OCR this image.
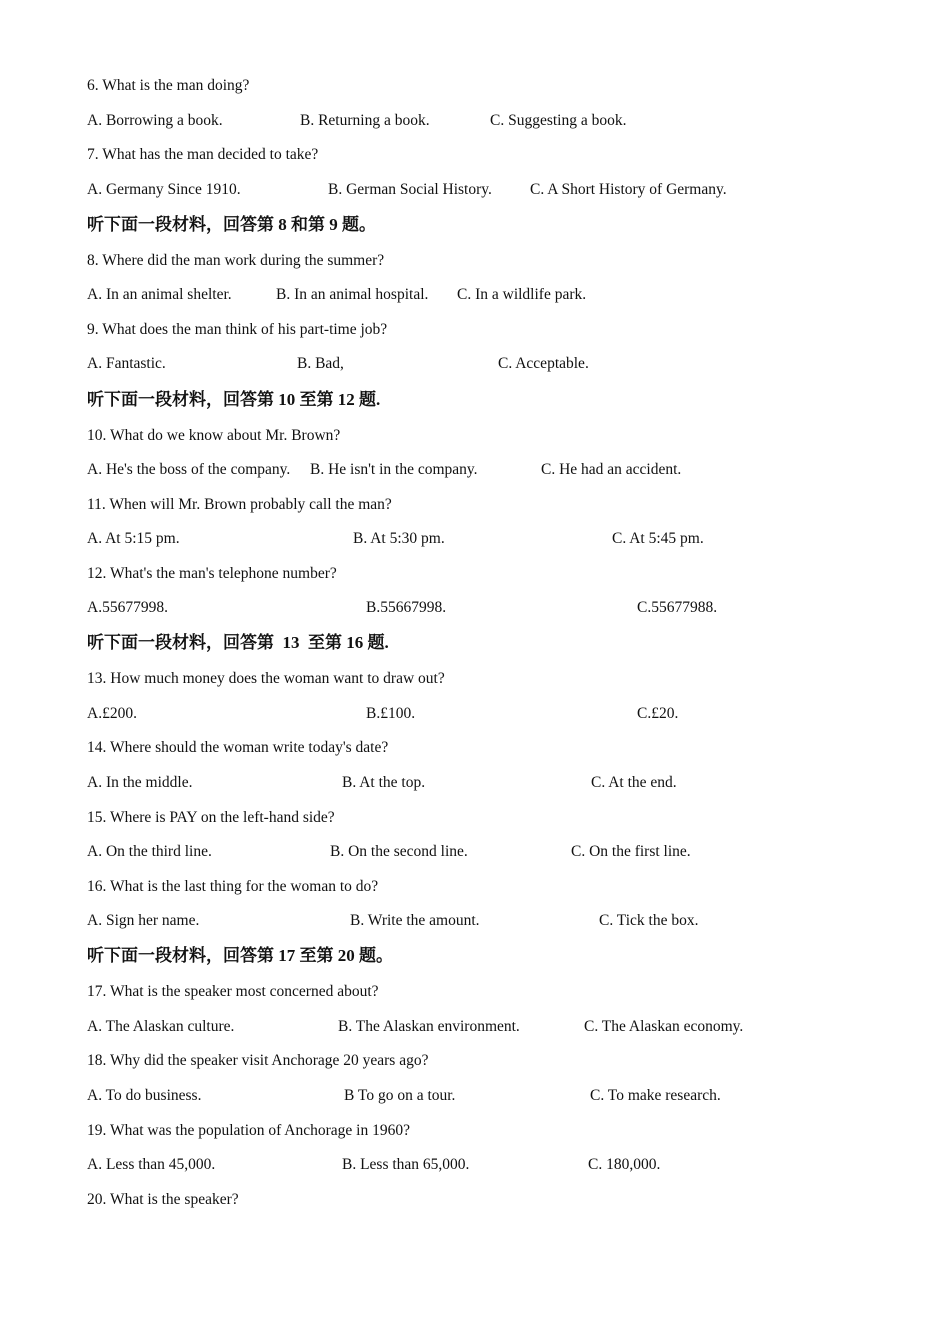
6. What is the man doing?
A. Borrowing a book.	B. Returning a book.	C. Suggesting a book.
7. What has the man decided to take?
A. Germany Since 1910.	B. German Social History. C. A Short History of Germany.
听下面一段材料，回答第 8 和第 9 题。
8. Where did the man work during the summer?
A. In an animal shelter.	B. In an animal hospital. C. In a wildlife park.
9. What does the man think of his part-time job?
A. Fantastic.	B. Bad,	C. Acceptable.
听下面一段材料，回答第 10 至第 12 题.
10. What do we know about Mr. Brown?
A. He's the boss of the company. B. He isn't in the company.	C. He had an accident.
11. When will Mr. Brown probably call the man?
A. At 5:15 pm.	B. At 5:30 pm.	C. At 5:45 pm.
12. What's the man's telephone number?
A.55677998.	B.55667998.	C.55677988.
听下面一段材料，回答第  13  至第 16 题.
13. How much money does the woman want to draw out?
A.£200.	B.£100.	C.£20.
14. Where should the woman write today's date?
A. In the middle.	B. At the top.	C. At the end.
15. Where is PAY on the left-hand side?
A. On the third line.	B. On the second line.	C. On the first line.
16. What is the last thing for the woman to do?
A. Sign her name.	B. Write the amount.	C. Tick the box.
听下面一段材料，回答第 17 至第 20 题。
17. What is the speaker most concerned about?
A. The Alaskan culture.	B. The Alaskan environment.	C. The Alaskan economy.
18. Why did the speaker visit Anchorage 20 years ago?
A. To do business.	B To go on a tour.	C. To make research.
19. What was the population of Anchorage in 1960?
A. Less than 45,000.	B. Less than 65,000.	C. 180,000.
20. What is the speaker?
